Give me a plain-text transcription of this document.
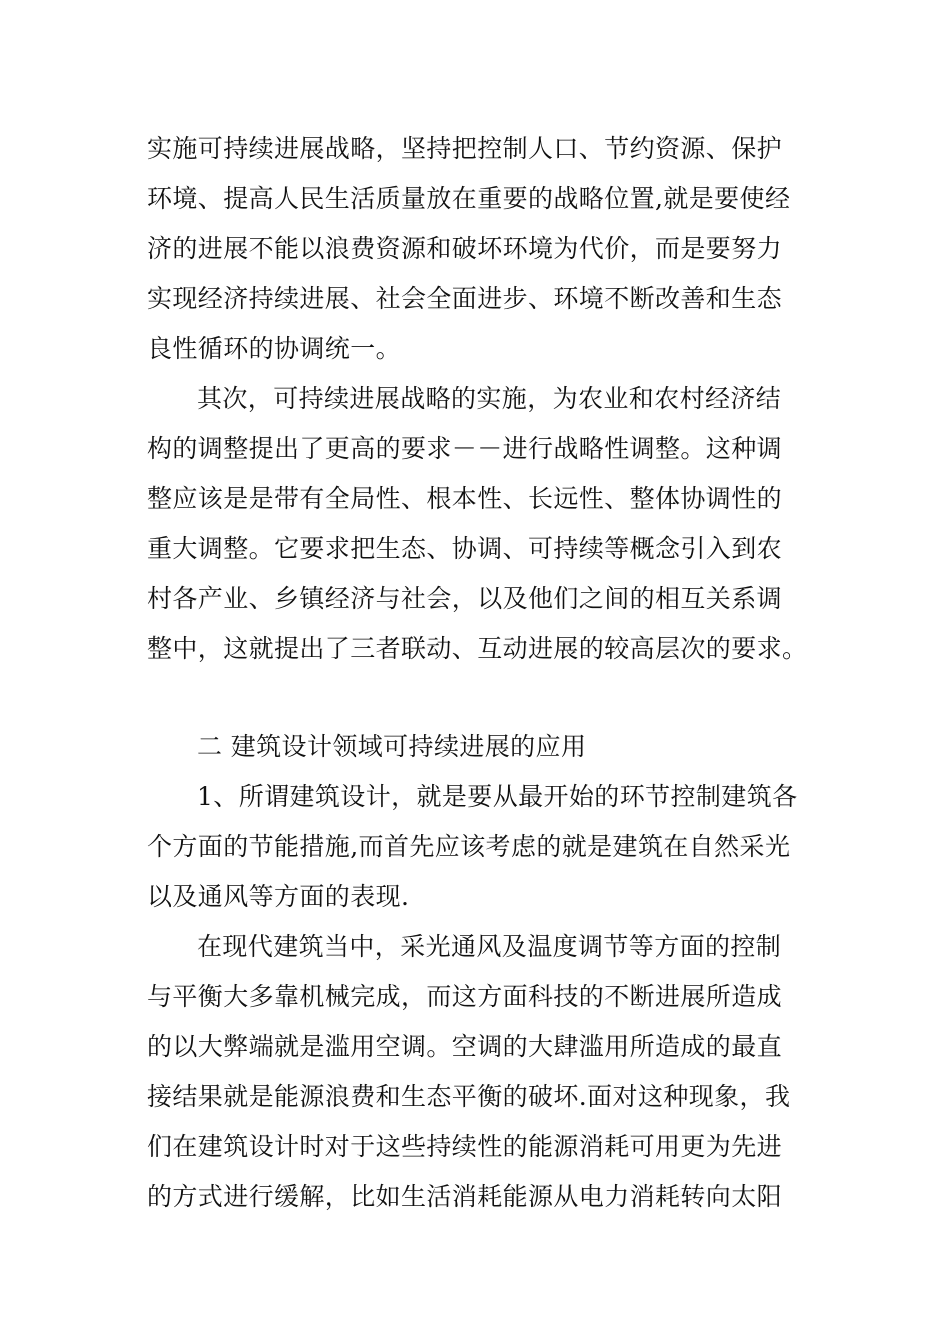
实施可持续进展战略，坚持把控制人口、节约资源、保护
环境、提高人民生活质量放在重要的战略位置,就是要使经
济的进展不能以浪费资源和破坏环境为代价，而是要努力
实现经济持续进展、社会全面进步、环境不断改善和生态
良性循环的协调统一。
其次，可持续进展战略的实施，为农业和农村经济结
构的调整提出了更高的要求－－进行战略性调整。这种调
整应该是是带有全局性、根本性、长远性、整体协调性的
重大调整。它要求把生态、协调、可持续等概念引入到农
村各产业、乡镇经济与社会，以及他们之间的相互关系调
整中，这就提出了三者联动、互动进展的较高层次的要求。
二 建筑设计领域可持续进展的应用
1、所谓建筑设计，就是要从最开始的环节控制建筑各
个方面的节能措施,而首先应该考虑的就是建筑在自然采光
以及通风等方面的表现.
在现代建筑当中，采光通风及温度调节等方面的控制
与平衡大多靠机械完成，而这方面科技的不断进展所造成
的以大弊端就是滥用空调。空调的大肆滥用所造成的最直
接结果就是能源浪费和生态平衡的破坏.面对这种现象，我
们在建筑设计时对于这些持续性的能源消耗可用更为先进
的方式进行缓解，比如生活消耗能源从电力消耗转向太阳
